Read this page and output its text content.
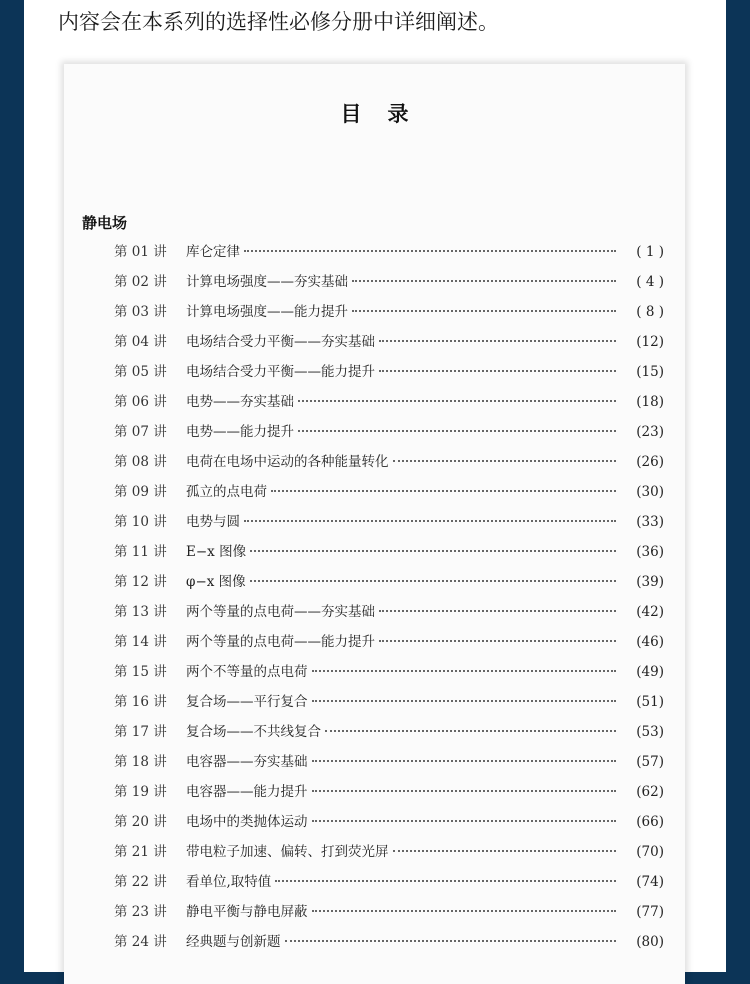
内容会在本系列的选择性必修分册中详细阐述。
目录
静电场
第 01 讲	库仑定律	( 1 )
第 02 讲	计算电场强度——夯实基础	( 4 )
第 03 讲	计算电场强度——能力提升	( 8 )
第 04 讲	电场结合受力平衡——夯实基础	(12)
第 05 讲	电场结合受力平衡——能力提升	(15)
第 06 讲	电势——夯实基础	(18)
第 07 讲	电势——能力提升	(23)
第 08 讲	电荷在电场中运动的各种能量转化	(26)
第 09 讲	孤立的点电荷	(30)
第 10 讲	电势与圆	(33)
第 11 讲	E−x 图像	(36)
第 12 讲	φ−x 图像	(39)
第 13 讲	两个等量的点电荷——夯实基础	(42)
第 14 讲	两个等量的点电荷——能力提升	(46)
第 15 讲	两个不等量的点电荷	(49)
第 16 讲	复合场——平行复合	(51)
第 17 讲	复合场——不共线复合	(53)
第 18 讲	电容器——夯实基础	(57)
第 19 讲	电容器——能力提升	(62)
第 20 讲	电场中的类抛体运动	(66)
第 21 讲	带电粒子加速、偏转、打到荧光屏	(70)
第 22 讲	看单位,取特值	(74)
第 23 讲	静电平衡与静电屏蔽	(77)
第 24 讲	经典题与创新题	(80)
